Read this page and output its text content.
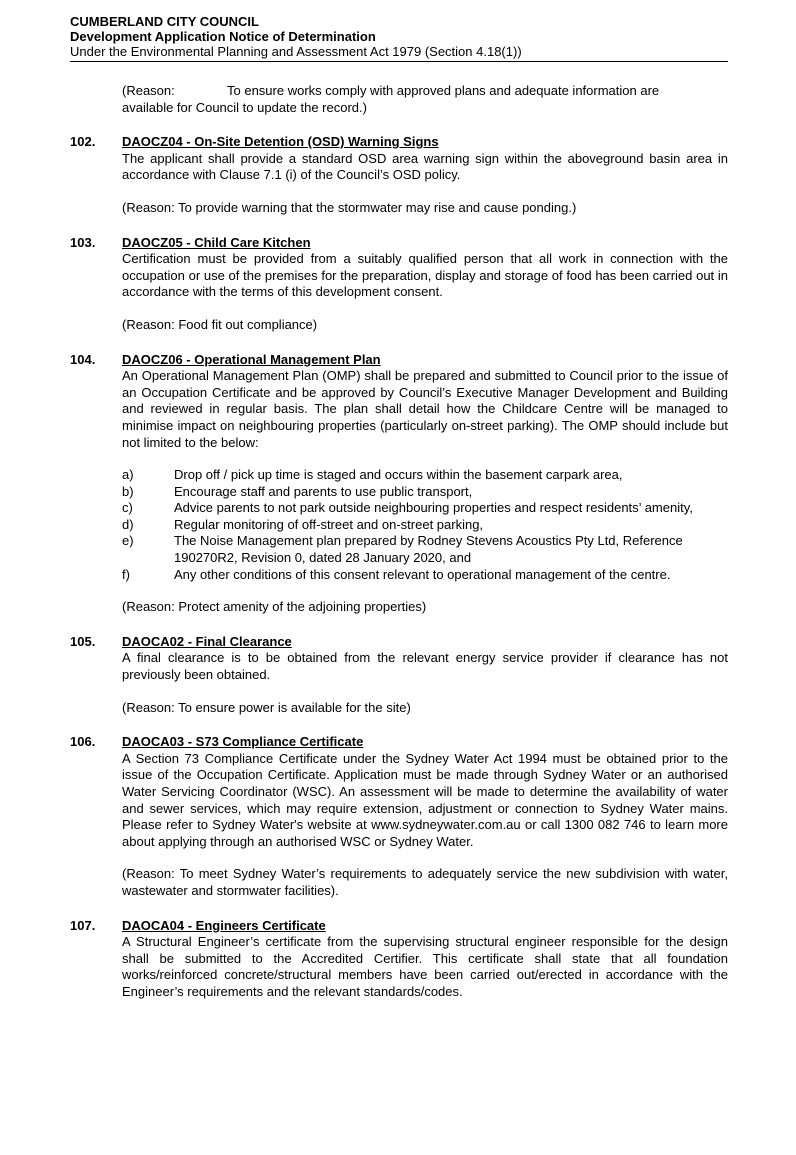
CUMBERLAND CITY COUNCIL
Development Application Notice of Determination
Under the Environmental Planning and Assessment Act 1979 (Section 4.18(1))
(Reason:	To ensure works comply with approved plans and adequate information are
available for Council to update the record.)
102.	DAOCZ04 - On-Site Detention (OSD) Warning Signs

The applicant shall provide a standard OSD area warning sign within the aboveground basin area in accordance with Clause 7.1 (i) of the Council’s OSD policy.

(Reason: To provide warning that the stormwater may rise and cause ponding.)

103.	DAOCZ05 - Child Care Kitchen

Certification must be provided from a suitably qualified person that all work in connection with the occupation or use of the premises for the preparation, display and storage of food has been carried out in accordance with the terms of this development consent.

(Reason: Food fit out compliance)

104.	DAOCZ06 - Operational Management Plan

An Operational Management Plan (OMP) shall be prepared and submitted to Council prior to the issue of an Occupation Certificate and be approved by Council’s Executive Manager Development and Building and reviewed in regular basis. The plan shall detail how the Childcare Centre will be managed to minimise impact on neighbouring properties (particularly on-street parking). The OMP should include but not limited to the below:

a)	Drop off / pick up time is staged and occurs within the basement carpark area,
b)	Encourage staff and parents to use public transport,
c)	Advice parents to not park outside neighbouring properties and respect residents’ amenity,
d)	Regular monitoring of off-street and on-street parking,
e)	The Noise Management plan prepared by Rodney Stevens Acoustics Pty Ltd, Reference 190270R2, Revision 0, dated 28 January 2020, and
f)	Any other conditions of this consent relevant to operational management of the centre.

(Reason: Protect amenity of the adjoining properties)

105.	DAOCA02 - Final Clearance

A final clearance is to be obtained from the relevant energy service provider if clearance has not previously been obtained.

(Reason: To ensure power is available for the site)

106.	DAOCA03 - S73 Compliance Certificate

A Section 73 Compliance Certificate under the Sydney Water Act 1994 must be obtained prior to the issue of the Occupation Certificate. Application must be made through Sydney Water or an authorised Water Servicing Coordinator (WSC). An assessment will be made to determine the availability of water and sewer services, which may require extension, adjustment or connection to Sydney Water mains. Please refer to Sydney Water's website at www.sydneywater.com.au or call 1300 082 746 to learn more about applying through an authorised WSC or Sydney Water.

(Reason: To meet Sydney Water’s requirements to adequately service the new subdivision with water, wastewater and stormwater facilities).

107.	DAOCA04 - Engineers Certificate

A Structural Engineer’s certificate from the supervising structural engineer responsible for the design shall be submitted to the Accredited Certifier. This certificate shall state that all foundation works/reinforced concrete/structural members have been carried out/erected in accordance with the Engineer’s requirements and the relevant standards/codes.
